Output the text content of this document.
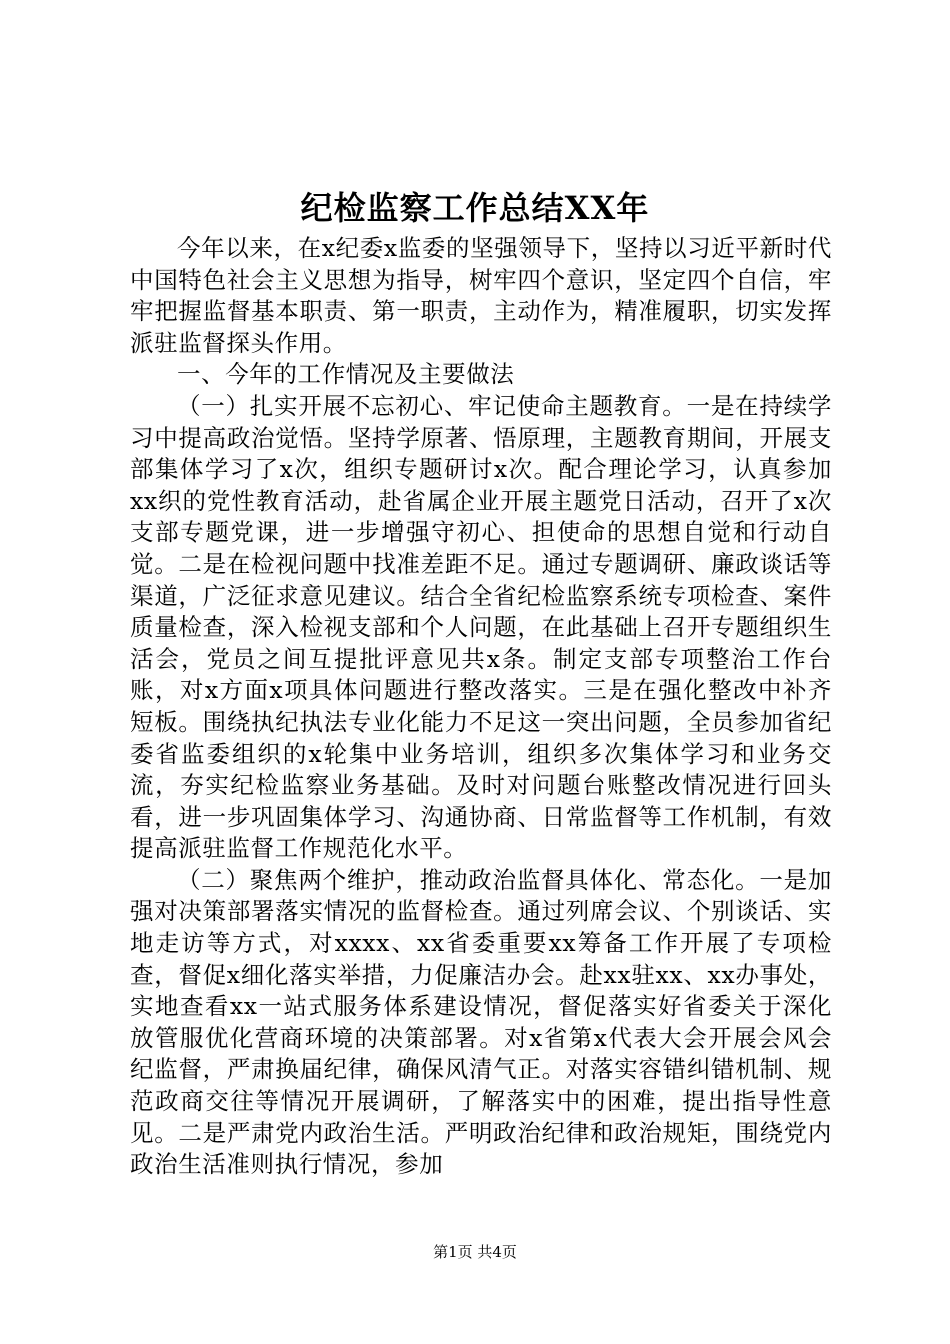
纪检监察工作总结XX年

今年以来，在x纪委x监委的坚强领导下，坚持以习近平新时代中国特色社会主义思想为指导，树牢四个意识，坚定四个自信，牢牢把握监督基本职责、第一职责，主动作为，精准履职，切实发挥派驻监督探头作用。

一、今年的工作情况及主要做法

（一）扎实开展不忘初心、牢记使命主题教育。一是在持续学习中提高政治觉悟。坚持学原著、悟原理，主题教育期间，开展支部集体学习了x次，组织专题研讨x次。配合理论学习，认真参加xx织的党性教育活动，赴省属企业开展主题党日活动，召开了x次支部专题党课，进一步增强守初心、担使命的思想自觉和行动自觉。二是在检视问题中找准差距不足。通过专题调研、廉政谈话等渠道，广泛征求意见建议。结合全省纪检监察系统专项检查、案件质量检查，深入检视支部和个人问题，在此基础上召开专题组织生活会，党员之间互提批评意见共x条。制定支部专项整治工作台账，对x方面x项具体问题进行整改落实。三是在强化整改中补齐短板。围绕执纪执法专业化能力不足这一突出问题，全员参加省纪委省监委组织的x轮集中业务培训，组织多次集体学习和业务交流，夯实纪检监察业务基础。及时对问题台账整改情况进行回头看，进一步巩固集体学习、沟通协商、日常监督等工作机制，有效提高派驻监督工作规范化水平。

（二）聚焦两个维护，推动政治监督具体化、常态化。一是加强对决策部署落实情况的监督检查。通过列席会议、个别谈话、实地走访等方式，对xxxx、xx省委重要xx筹备工作开展了专项检查，督促x细化落实举措，力促廉洁办会。赴xx驻xx、xx办事处，实地查看xx一站式服务体系建设情况，督促落实好省委关于深化放管服优化营商环境的决策部署。对x省第x代表大会开展会风会纪监督，严肃换届纪律，确保风清气正。对落实容错纠错机制、规范政商交往等情况开展调研，了解落实中的困难，提出指导性意见。二是严肃党内政治生活。严明政治纪律和政治规矩，围绕党内政治生活准则执行情况，参加

第1页 共4页
